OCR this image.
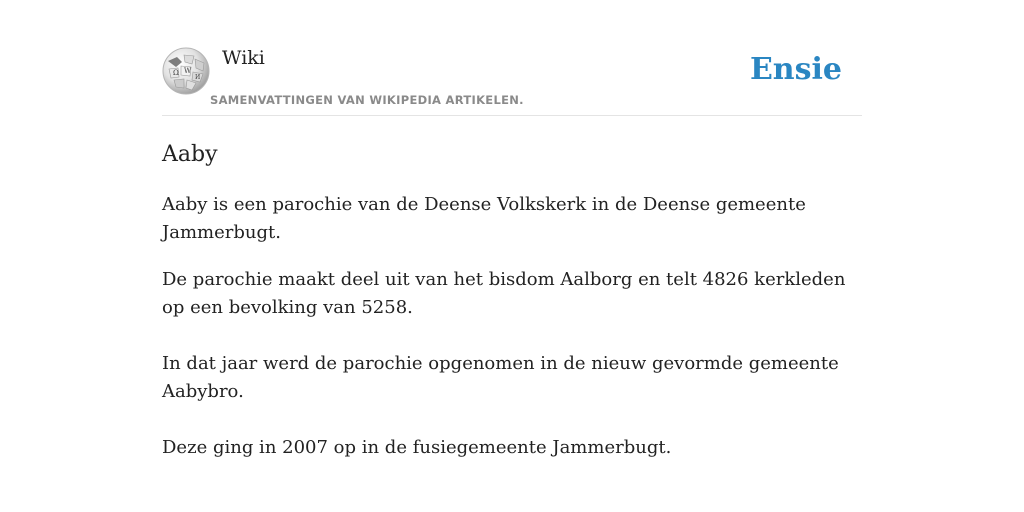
Ω W
И
Wiki
SAMENVATTINGEN VAN WIKIPEDIA ARTIKELEN.
Ensie
Aaby

Aaby is een parochie van de Deense Volkskerk in de Deense gemeente Jammerbugt.

De parochie maakt deel uit van het bisdom Aalborg en telt 4826 kerkleden op een bevolking van 5258.

In dat jaar werd de parochie opgenomen in de nieuw gevormde gemeente Aabybro.

Deze ging in 2007 op in de fusiegemeente Jammerbugt.
